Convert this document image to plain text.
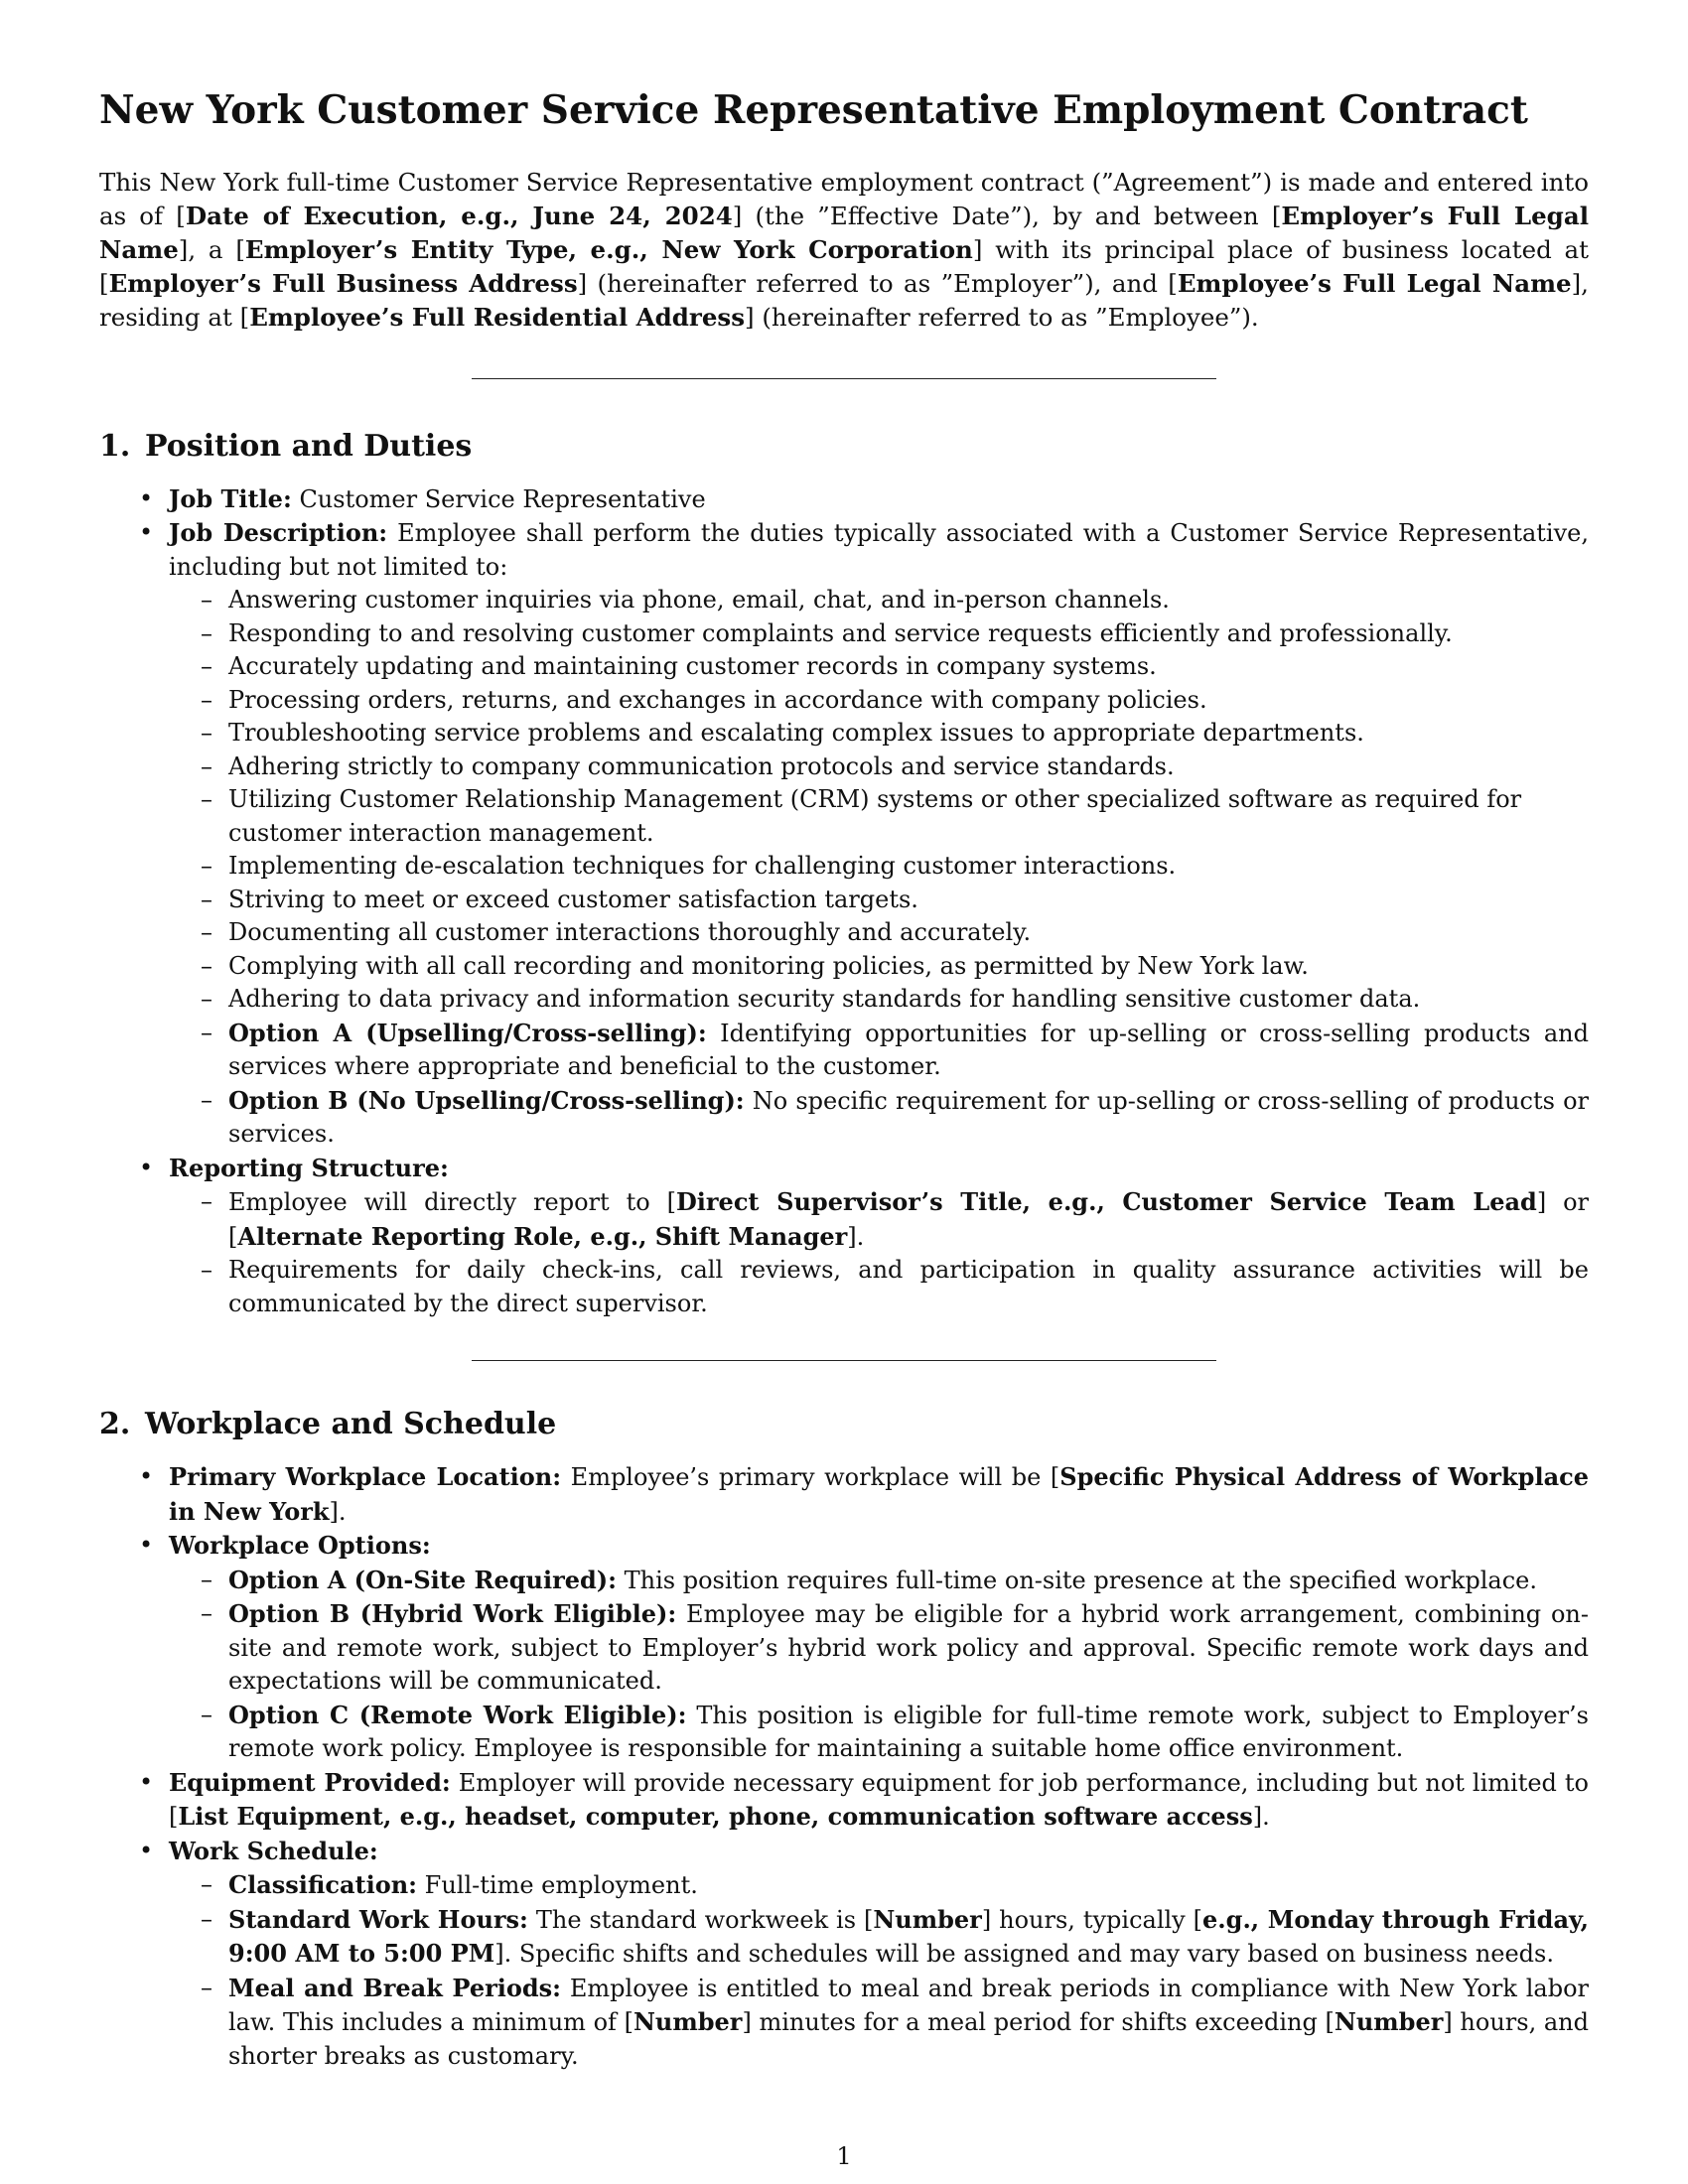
New York Customer Service Representative Employment Contract

This New York full-time Customer Service Representative employment contract (”Agreement”) is made and entered into as of [Date of Execution, e.g., June 24, 2024] (the ”Effective Date”), by and between [Employer’s Full Legal Name], a [Employer’s Entity Type, e.g., New York Corporation] with its principal place of business located at [Employer’s Full Business Address] (hereinafter referred to as ”Employer”), and [Employee’s Full Legal Name], residing at [Employee’s Full Residential Address] (hereinafter referred to as ”Employee”).

1. Position and Duties
• Job Title: Customer Service Representative
• Job Description: Employee shall perform the duties typically associated with a Customer Service Representative, including but not limited to:
– Answering customer inquiries via phone, email, chat, and in-person channels.
– Responding to and resolving customer complaints and service requests efficiently and professionally.
– Accurately updating and maintaining customer records in company systems.
– Processing orders, returns, and exchanges in accordance with company policies.
– Troubleshooting service problems and escalating complex issues to appropriate departments.
– Adhering strictly to company communication protocols and service standards.
– Utilizing Customer Relationship Management (CRM) systems or other specialized software as required for customer interaction management.
– Implementing de-escalation techniques for challenging customer interactions.
– Striving to meet or exceed customer satisfaction targets.
– Documenting all customer interactions thoroughly and accurately.
– Complying with all call recording and monitoring policies, as permitted by New York law.
– Adhering to data privacy and information security standards for handling sensitive customer data.
– Option A (Upselling/Cross-selling): Identifying opportunities for up-selling or cross-selling products and services where appropriate and beneficial to the customer.
– Option B (No Upselling/Cross-selling): No specific requirement for up-selling or cross-selling of products or services.
• Reporting Structure:
– Employee will directly report to [Direct Supervisor’s Title, e.g., Customer Service Team Lead] or [Alternate Reporting Role, e.g., Shift Manager].
– Requirements for daily check-ins, call reviews, and participation in quality assurance activities will be communicated by the direct supervisor.
2. Workplace and Schedule
• Primary Workplace Location: Employee’s primary workplace will be [Specific Physical Address of Workplace in New York].
• Workplace Options:
– Option A (On-Site Required): This position requires full-time on-site presence at the specified workplace.
– Option B (Hybrid Work Eligible): Employee may be eligible for a hybrid work arrangement, combining on-site and remote work, subject to Employer’s hybrid work policy and approval. Specific remote work days and expectations will be communicated.
– Option C (Remote Work Eligible): This position is eligible for full-time remote work, subject to Employer’s remote work policy. Employee is responsible for maintaining a suitable home office environment.
• Equipment Provided: Employer will provide necessary equipment for job performance, including but not limited to [List Equipment, e.g., headset, computer, phone, communication software access].
• Work Schedule:
– Classification: Full-time employment.
– Standard Work Hours: The standard workweek is [Number] hours, typically [e.g., Monday through Friday, 9:00 AM to 5:00 PM]. Specific shifts and schedules will be assigned and may vary based on business needs.
– Meal and Break Periods: Employee is entitled to meal and break periods in compliance with New York labor law. This includes a minimum of [Number] minutes for a meal period for shifts exceeding [Number] hours, and shorter breaks as customary.
1
